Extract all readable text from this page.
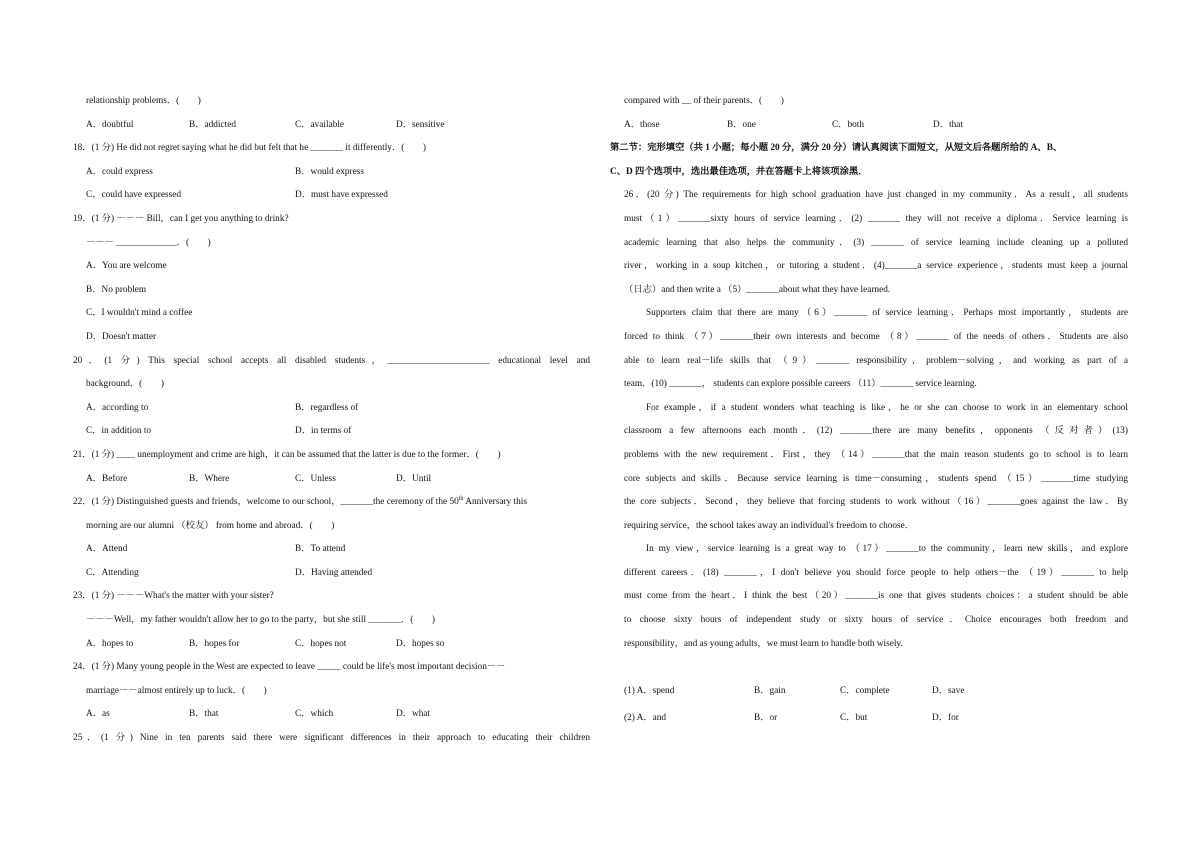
relationship problems．(　　)
A．doubtful	B．addicted	C．available	D．sensitive
18．(1 分) He did not regret saying what he did but felt that he _______ it differently．(　　)
A．could express	B．would express
C．could have expressed	D．must have expressed
19．(1 分) －－－ Bill，can I get you anything to drink?
－－－ _____________．(　　)
A．You are welcome
B．No problem
C．I wouldn't mind a coffee
D．Doesn't matter
20．(1 分) This special school accepts all disabled students，______________________ educational level and
background．(　　)
A．according to	B．regardless of
C．in addition to	D．in terms of
21．(1 分) ____ unemployment and crime are high，it can be assumed that the latter is due to the former．(　　)
A．Before	B．Where	C．Unless	D．Until
22．(1 分) Distinguished guests and friends，welcome to our school，_______the ceremony of the 50th Anniversary this
morning are our alumni （校友） from home and abroad．(　　)
A．Attend	B．To attend
C．Attending	D．Having attended
23．(1 分) －－－What's the matter with your sister?
－－－Well，my father wouldn't allow her to go to the party，but she still _______．(　　)
A．hopes to	B．hopes for	C．hopes not	D．hopes so
24．(1 分) Many young people in the West are expected to leave _____ could be life's most important decision－－
marriage－－almost entirely up to luck．(　　)
A．as	B．that	C．which	D．what
25．(1 分) Nine in ten parents said there were significant differences in their approach to educating their children
compared with __ of their parents．(　　)
A．those	B．one	C．both	D．that
第二节：完形填空（共 1 小题；每小题 20 分，满分 20 分）请认真阅读下面短文，从短文后各题所给的 A、B、
C、D 四个选项中，选出最佳选项，并在答题卡上将该项涂黑．
26．(20 分) The requirements for high school graduation have just changed in my community．As a result，all students
must（1）_______sixty hours of service learning．(2) _______ they will not receive a diploma．Service learning is
academic learning that also helps the community．(3) _______ of service learning include cleaning up a polluted
river，working in a soup kitchen，or tutoring a student．(4)_______a service experience，students must keep a journal
（日志）and then write a （5）_______about what they have learned.
Supporters claim that there are many（6）_______ of service learning．Perhaps most importantly，students are
forced to think （7）_______their own interests and become （8）_______ of the needs of others．Students are also
able to learn real－life skills that （9）_______ responsibility，problem－solving，and working as part of a
team．(10) _______， students can explore possible careers （11）_______ service learning.
For example，if a student wonders what teaching is like，he or she can choose to work in an elementary school
classroom a few afternoons each month．(12) _______there are many benefits，opponents （反对者）(13)
problems with the new requirement．First，they （14）_______that the main reason students go to school is to learn
core subjects and skills．Because service learning is time－consuming，students spend （15）_______time studying
the core subjects．Second，they believe that forcing students to work without（16）_______goes against the law．By
requiring service，the school takes away an individual's freedom to choose．
In my view，service learning is a great way to （17）_______to the community，learn new skills，and explore
different careers．(18) _______，I don't believe you should force people to help others－the （19）_______ to help
must come from the heart．I think the best（20）_______is one that gives students choices：a student should be able
to choose sixty hours of independent study or sixty hours of service．Choice encourages both freedom and
responsibility，and as young adults，we must learn to handle both wisely.
(1) A．spend	B．gain	C．complete	D．save
(2) A．and	B．or	C．but	D．for
